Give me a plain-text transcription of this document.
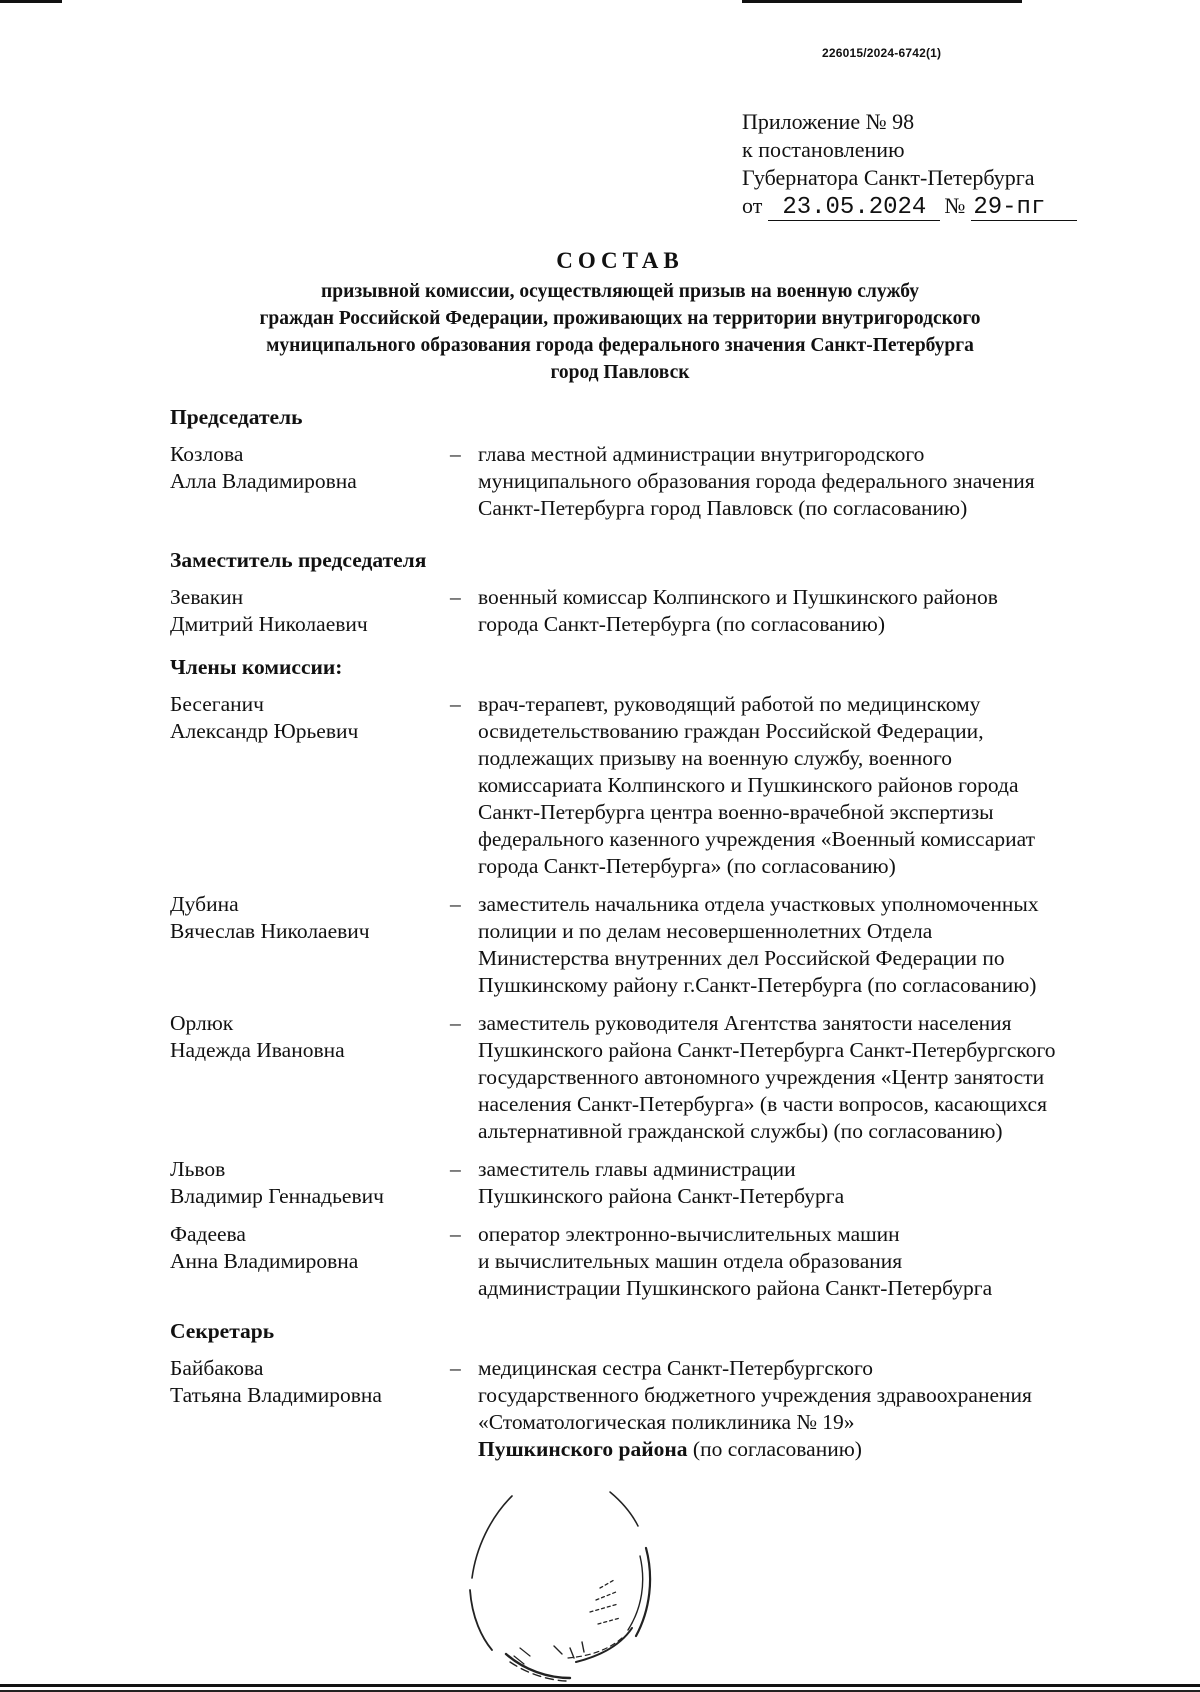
226015/2024-6742(1)
Приложение № 98
к постановлению
Губернатора Санкт-Петербурга
от 23.05.2024 № 29-пг
СОСТАВ
призывной комиссии, осуществляющей призыв на военную службу
граждан Российской Федерации, проживающих на территории внутригородского
муниципального образования города федерального значения Санкт-Петербурга
город Павловск
Председатель
Козлова
Алла Владимировна
– глава местной администрации внутригородского
муниципального образования города федерального значения
Санкт-Петербурга город Павловск (по согласованию)
Заместитель председателя
Зевакин
Дмитрий Николаевич
– военный комиссар Колпинского и Пушкинского районов
города Санкт-Петербурга (по согласованию)
Члены комиссии:
Бесеганич
Александр Юрьевич
– врач-терапевт, руководящий работой по медицинскому
освидетельствованию граждан Российской Федерации,
подлежащих призыву на военную службу, военного
комиссариата Колпинского и Пушкинского районов города
Санкт-Петербурга центра военно-врачебной экспертизы
федерального казенного учреждения «Военный комиссариат
города Санкт-Петербурга» (по согласованию)
Дубина
Вячеслав Николаевич
– заместитель начальника отдела участковых уполномоченных
полиции и по делам несовершеннолетних Отдела
Министерства внутренних дел Российской Федерации по
Пушкинскому району г.Санкт-Петербурга (по согласованию)
Орлюк
Надежда Ивановна
– заместитель руководителя Агентства занятости населения
Пушкинского района Санкт-Петербурга Санкт-Петербургского
государственного автономного учреждения «Центр занятости
населения Санкт-Петербурга» (в части вопросов, касающихся
альтернативной гражданской службы) (по согласованию)
Львов
Владимир Геннадьевич
– заместитель главы администрации
Пушкинского района Санкт-Петербурга
Фадеева
Анна Владимировна
– оператор электронно-вычислительных машин
и вычислительных машин отдела образования
администрации Пушкинского района Санкт-Петербурга
Секретарь
Байбакова
Татьяна Владимировна
– медицинская сестра Санкт-Петербургского
государственного бюджетного учреждения здравоохранения
«Стоматологическая поликлиника № 19»
Пушкинского района (по согласованию)
